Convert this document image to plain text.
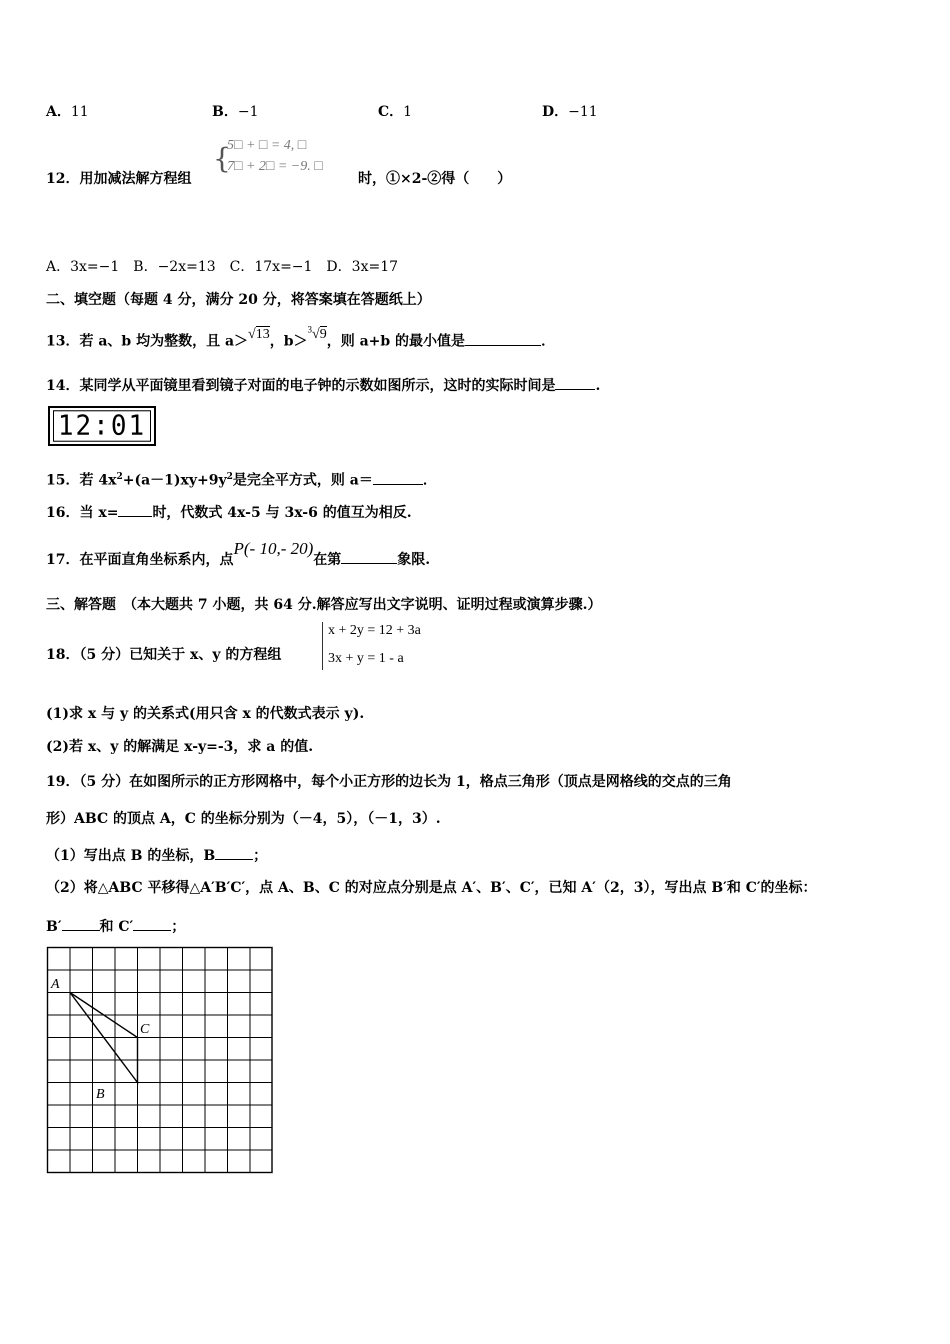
A．11	B．−1	C．1	D．−11
12．用加减法解方程组
{
5□ + □ = 4, □
7□ + 2□ = −9. □
时，①×2-②得（　　）
A．3x=−1　B．−2x=13　C．17x=−1　D．3x=17
二、填空题（每题 4 分，满分 20 分，将答案填在答题纸上）
13．若 a、b 均为整数，且 a＞√13，b＞$^3$√9，则 a+b 的最小值是	．
14．某同学从平面镜里看到镜子对面的电子钟的示数如图所示，这时的实际时间是	.
12:01
15．若 $4x^2+(a-1)xy+9y^2$是完全平方式，则 a＝	．
16．当 x= 时，代数式 4x-5 与 3x-6 的值互为相反.
17．在平面直角坐标系内，点P(- 10,- 20)在第	象限.
三、解答题　（本大题共 7 小题，共 64 分.解答应写出文字说明、证明过程或演算步骤.）
18．（5 分）已知关于 x、y 的方程组
x + 2y = 12 + 3a
3x + y = 1 - a
(1)求 x 与 y 的关系式(用只含 x 的代数式表示 y).
(2)若 x、y 的解满足 x-y=-3，求 a 的值.
19．（5 分）在如图所示的正方形网格中，每个小正方形的边长为 1，格点三角形（顶点是网格线的交点的三角
形）ABC 的顶点 A，C 的坐标分别为（－4，5），（－1，3）.
（1）写出点 B 的坐标，B	；
（2）将△ABC 平移得△A′B′C′，点 A、B、C 的对应点分别是点 A′、B′、C′，已知 A′（2，3），写出点 B′和 C′的坐标：
B′	和 C′	；
A
C
B
